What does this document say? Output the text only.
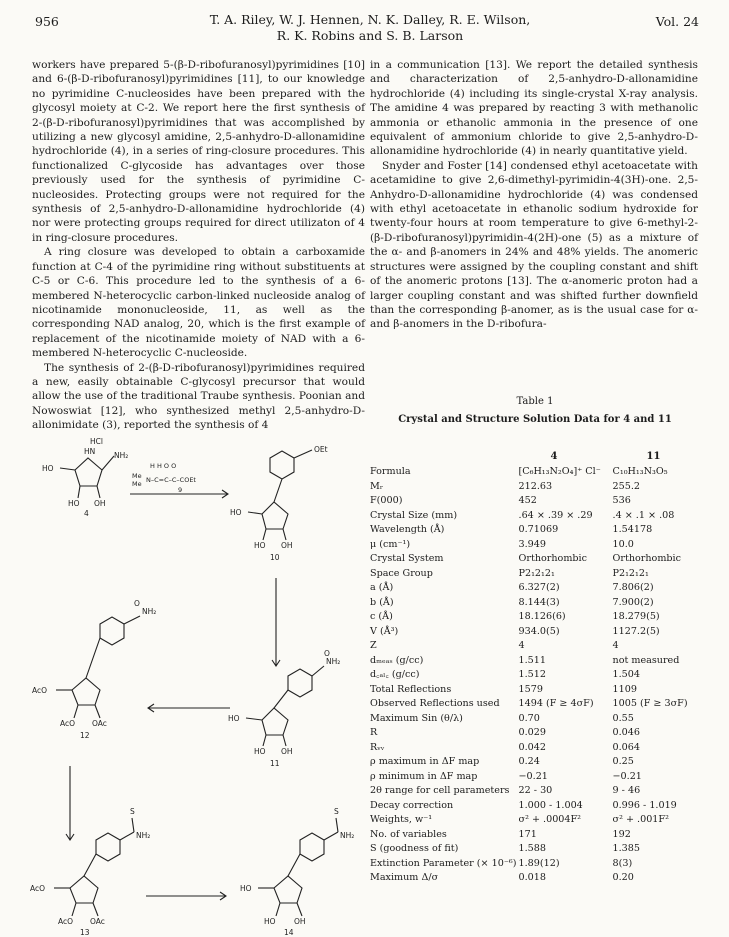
956	T. A. Riley, W. J. Hennen, N. K. Dalley, R. E. Wilson,
R. K. Robins and S. B. Larson
Vol. 24

workers have prepared 5-(β-D-ribofuranosyl)pyrimidines [10] and 6-(β-D-ribofuranosyl)pyrimidines [11], to our knowledge no pyrimidine C-nucleosides have been prepared with the glycosyl moiety at C-2. We report here the first synthesis of 2-(β-D-ribofuranosyl)pyrimidines that was accomplished by utilizing a new glycosyl amidine, 2,5-anhydro-D-allonamidine hydrochloride (4), in a series of ring-closure procedures. This functionalized C-glycoside has advantages over those previously used for the synthesis of pyrimidine C-nucleosides. Protecting groups were not required for the synthesis of 2,5-anhydro-D-allonamidine hydrochloride (4) nor were protecting groups required for direct utilizaton of 4 in ring-closure procedures.

A ring closure was developed to obtain a carboxamide function at C-4 of the pyrimidine ring without substituents at C-5 or C-6. This procedure led to the synthesis of a 6-membered N-heterocyclic carbon-linked nucleoside analog of nicotinamide mononucleoside, 11, as well as the corresponding NAD analog, 20, which is the first example of replacement of the nicotinamide moiety of NAD with a 6-membered N-heterocyclic C-nucleoside.

The synthesis of 2-(β-D-ribofuranosyl)pyrimidines required a new, easily obtainable C-glycosyl precursor that would allow the use of the traditional Traube synthesis. Poonian and Nowoswiat [12], who synthesized methyl 2,5-anhydro-D-allonimidate (3), reported the synthesis of 4

in a communication [13]. We report the detailed synthesis and characterization of 2,5-anhydro-D-allonamidine hydrochloride (4) including its single-crystal X-ray analysis. The amidine 4 was prepared by reacting 3 with methanolic ammonia or ethanolic ammonia in the presence of one equivalent of ammonium chloride to give 2,5-anhydro-D-allonamidine hydrochloride (4) in nearly quantitative yield.

Snyder and Foster [14] condensed ethyl acetoacetate with acetamidine to give 2,6-dimethyl-pyrimidin-4(3H)-one. 2,5-Anhydro-D-allonamidine hydrochloride (4) was condensed with ethyl acetoacetate in ethanolic sodium hydroxide for twenty-four hours at room temperature to give 6-methyl-2-(β-D-ribofuranosyl)pyrimidin-4(2H)-one (5) as a mixture of the α- and β-anomers in 24% and 48% yields. The anomeric structures were assigned by the coupling constant and shift of the anomeric protons [13]. The α-anomeric proton had a larger coupling constant and was shifted further downfield than the corresponding β-anomer, as is the usual case for α- and β-anomers in the D-ribofura-

Table 1
Crystal and Structure Solution Data for 4 and 11
	4	11
Formula	[C₆H₁₃N₂O₄]⁺ Cl⁻	C₁₀H₁₃N₃O₅
Mᵣ	212.63	255.2
F(000)	452	536
Crystal Size (mm)	.64 × .39 × .29	.4 × .1 × .08
Wavelength (Å)	0.71069	1.54178
μ (cm⁻¹)	3.949	10.0
Crystal System	Orthorhombic	Orthorhombic
Space Group	P2₁2₁2₁	P2₁2₁2₁
a (Å)	6.327(2)	7.806(2)
b (Å)	8.144(3)	7.900(2)
c (Å)	18.126(6)	18.279(5)
V (Å³)	934.0(5)	1127.2(5)
Z	4	4
dₘₑₐₛ (g/cc)	1.511	not measured
d꜀ₐₗ꜀ (g/cc)	1.512	1.504
Total Reflections	1579	1109
Observed Reflections used	1494 (F ≥ 4σF)	1005 (F ≥ 3σF)
Maximum Sin (θ/λ)	0.70	0.55
R	0.029	0.046
Rᵥᵥ	0.042	0.064
ρ maximum in ΔF map	0.24	0.25
ρ minimum in ΔF map	−0.21	−0.21
2θ range for cell parameters	22 - 30	9 - 46
Decay correction	1.000 - 1.004	0.996 - 1.019
Weights, w⁻¹	σ² + .0004F²	σ² + .001F²
No. of variables	171	192
S (goodness of fit)	1.588	1.385
Extinction Parameter (× 10⁻⁶)	1.89(12)	8(3)
Maximum Δ/σ	0.018	0.20
HCl
HN	NH₂
HO
HO OH
4
H H O O
Me
Me N–C=C–C–COEt
9
OEt
HO
HO OH
10
NH₂
O
HO
HO OH
11
NH₂
O
AcO
AcO OAc
12
S
NH₂
AcO
AcO OAc
13
S
NH₂
HO
HO OH
14
